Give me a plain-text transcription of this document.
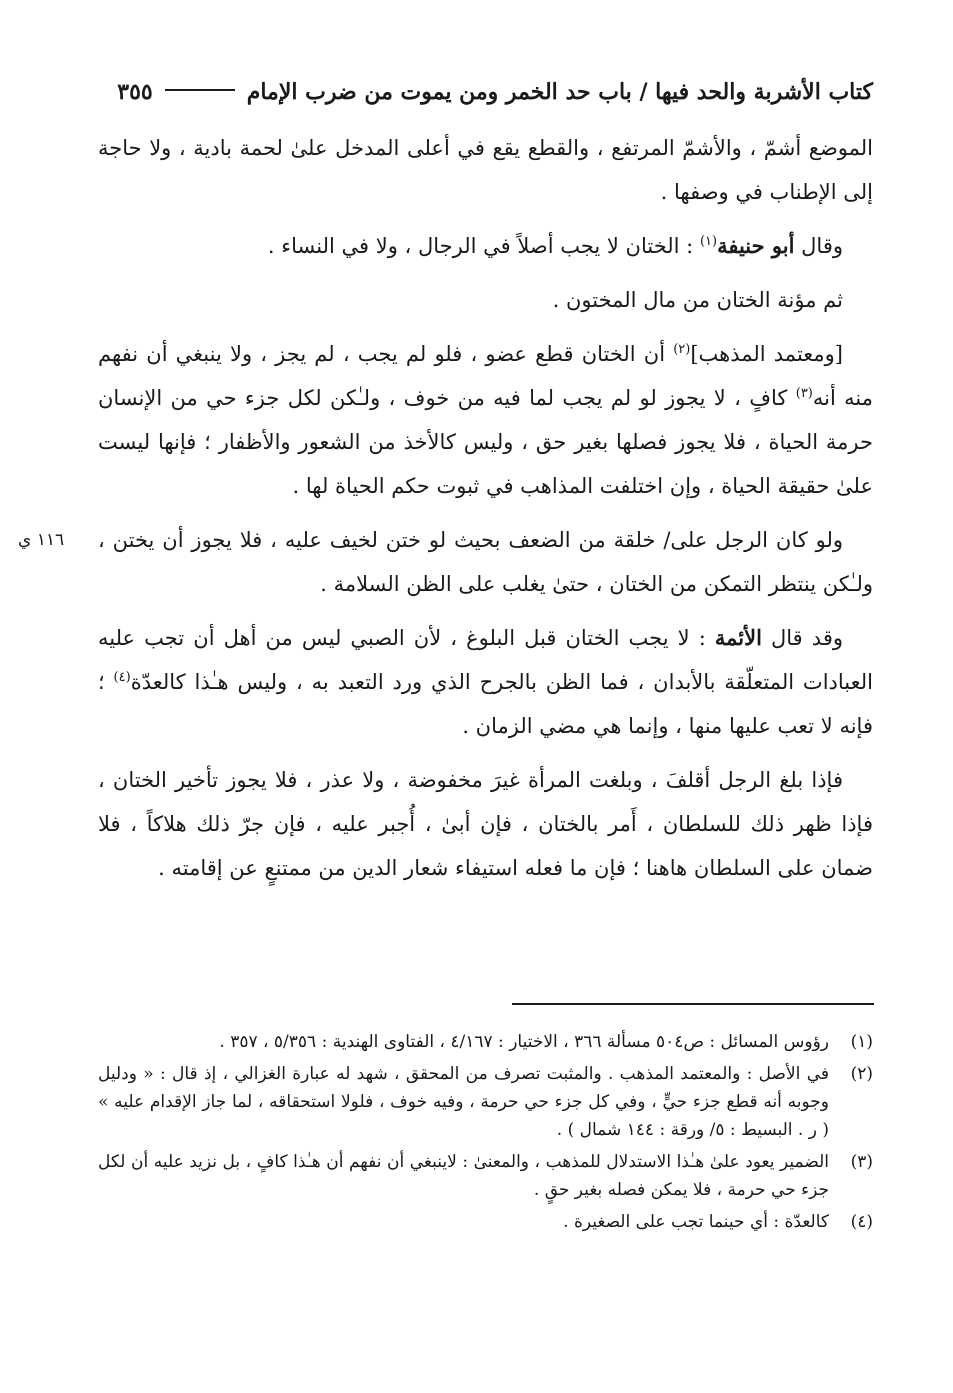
كتاب الأشربة والحد فيها / باب حد الخمر ومن يموت من ضرب الإمام
٣٥٥

الموضع أشمّ ، والأشمّ المرتفع ، والقطع يقع في أعلى المدخل علىٰ لحمة بادية ، ولا حاجة إلى الإطناب في وصفها .

وقال أبو حنيفة$^{(١)}$ : الختان لا يجب أصلاً في الرجال ، ولا في النساء .

ثم مؤنة الختان من مال المختون .

[ومعتمد المذهب]$^{(٢)}$ أن الختان قطع عضو ، فلو لم يجب ، لم يجز ، ولا ينبغي أن نفهم منه أنه$^{(٣)}$ كافٍ ، لا يجوز لو لم يجب لما فيه من خوف ، ولـٰكن لكل جزء حي من الإنسان حرمة الحياة ، فلا يجوز فصلها بغير حق ، وليس كالأخذ من الشعور والأظفار ؛ فإنها ليست علىٰ حقيقة الحياة ، وإن اختلفت المذاهب في ثبوت حكم الحياة لها .

ولو كان الرجل على/ خلقة من الضعف بحيث لو ختن لخيف عليه ، فلا يجوز أن يختن ، ولـٰكن ينتظر التمكن من الختان ، حتىٰ يغلب على الظن السلامة .
١١٦ ي

وقد قال الأئمة : لا يجب الختان قبل البلوغ ، لأن الصبي ليس من أهل أن تجب عليه العبادات المتعلّقة بالأبدان ، فما الظن بالجرح الذي ورد التعبد به ، وليس هـٰذا كالعدّة$^{(٤)}$ ؛ فإنه لا تعب عليها منها ، وإنما هي مضي الزمان .

فإذا بلغ الرجل أقلفَ ، وبلغت المرأة غيرَ مخفوضة ، ولا عذر ، فلا يجوز تأخير الختان ، فإذا ظهر ذلك للسلطان ، أَمر بالختان ، فإن أبىٰ ، أُجبر عليه ، فإن جرّ ذلك هلاكاً ، فلا ضمان على السلطان هاهنا ؛ فإن ما فعله استيفاء شعار الدين من ممتنعٍ عن إقامته .

(١)
رؤوس المسائل : ص٥٠٤ مسألة ٣٦٦ ، الاختيار : ٤/١٦٧ ، الفتاوى الهندية : ٥/٣٥٦ ، ٣٥٧ .
(٢)
في الأصل : والمعتمد المذهب . والمثبت تصرف من المحقق ، شهد له عبارة الغزالي ، إذ قال : « ودليل وجوبه أنه قطع جزء حيٍّ ، وفي كل جزء حي حرمة ، وفيه خوف ، فلولا استحقاقه ، لما جاز الإقدام عليه » ( ر . البسيط : ٥/ ورقة : ١٤٤ شمال ) .
(٣)
الضمير يعود علىٰ هـٰذا الاستدلال للمذهب ، والمعنىٰ : لاينبغي أن نفهم أن هـٰذا كافٍ ، بل نزيد عليه أن لكل جزء حي حرمة ، فلا يمكن فصله بغير حقٍ .
(٤)
كالعدّة : أي حينما تجب على الصغيرة .
